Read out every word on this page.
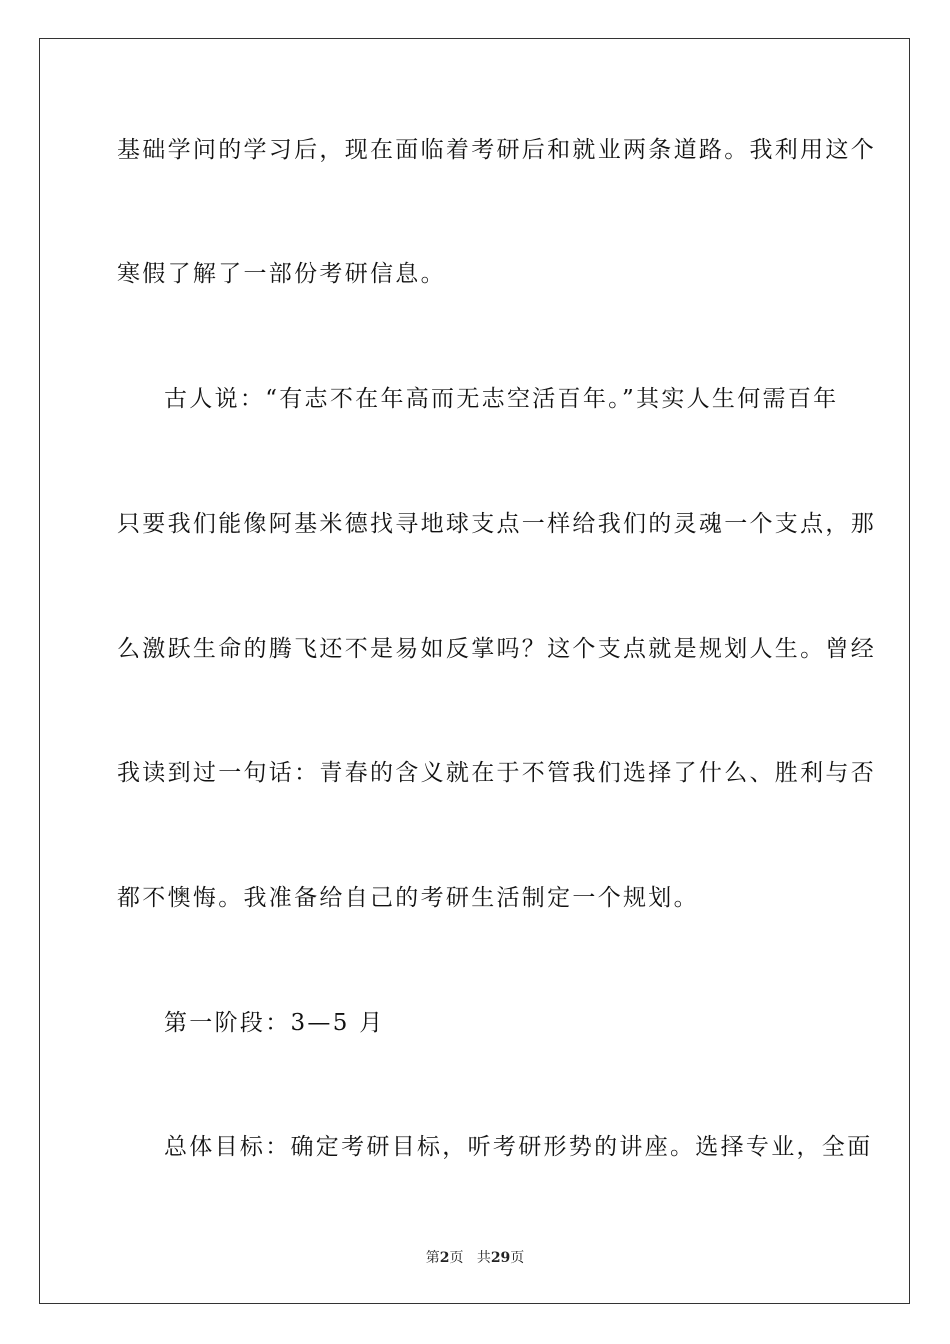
基础学问的学习后，现在面临着考研后和就业两条道路。我利用这个
寒假了解了一部份考研信息。
古人说：“有志不在年高而无志空活百年。”其实人生何需百年
只要我们能像阿基米德找寻地球支点一样给我们的灵魂一个支点，那
么激跃生命的腾飞还不是易如反掌吗？这个支点就是规划人生。曾经
我读到过一句话：青春的含义就在于不管我们选择了什么、胜利与否
都不懊悔。我准备给自己的考研生活制定一个规划。
第一阶段：3—5 月
总体目标：确定考研目标，听考研形势的讲座。选择专业，全面
第2页 共29页
